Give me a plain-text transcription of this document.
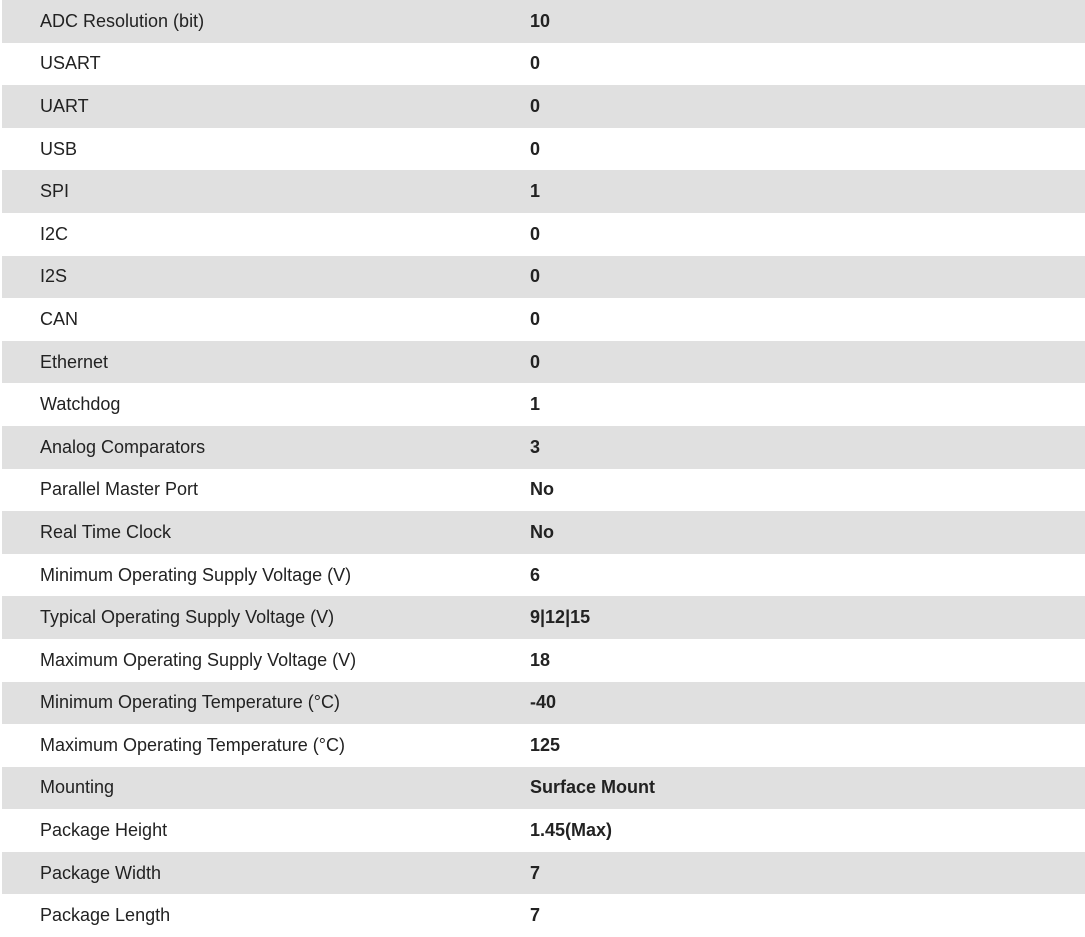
ADC Resolution (bit)	10
USART	0
UART	0
USB	0
SPI	1
I2C	0
I2S	0
CAN	0
Ethernet	0
Watchdog	1
Analog Comparators	3
Parallel Master Port	No
Real Time Clock	No
Minimum Operating Supply Voltage (V)	6
Typical Operating Supply Voltage (V)	9|12|15
Maximum Operating Supply Voltage (V)	18
Minimum Operating Temperature (°C)	-40
Maximum Operating Temperature (°C)	125
Mounting	Surface Mount
Package Height	1.45(Max)
Package Width	7
Package Length	7
